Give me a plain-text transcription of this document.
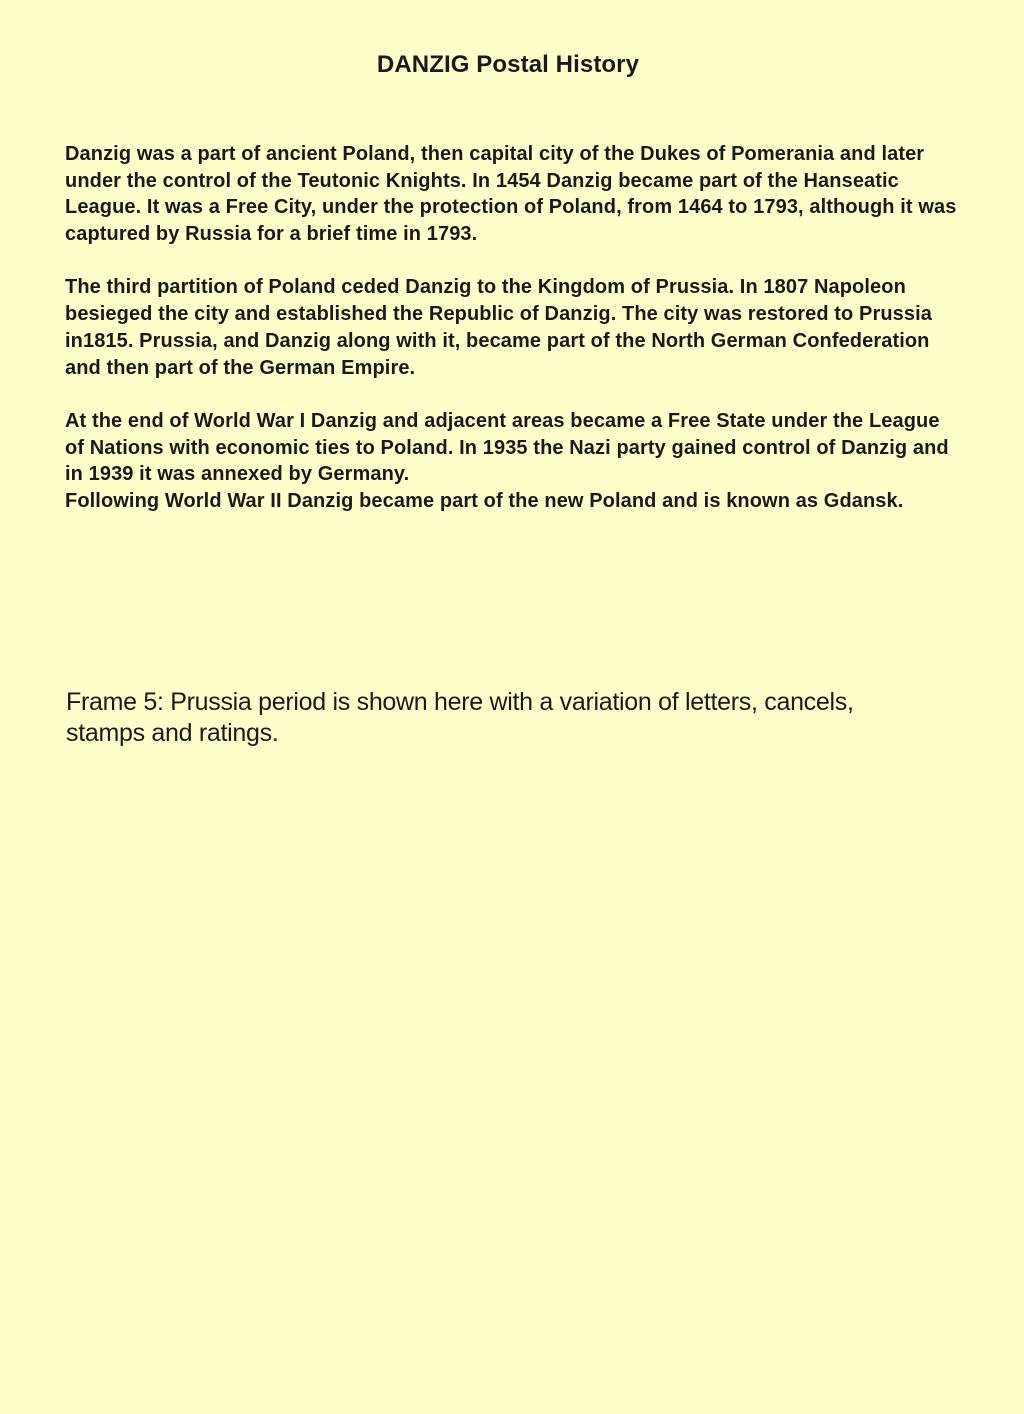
DANZIG Postal History

Danzig was a part of ancient Poland, then capital city of the Dukes of Pomerania and later under the control of the Teutonic Knights. In 1454 Danzig became part of the Hanseatic League. It was a Free City, under the protection of Poland, from 1464 to 1793, although it was captured by Russia for a brief time in 1793.

The third partition of Poland ceded Danzig to the Kingdom of Prussia. In 1807 Napoleon besieged the city and established the Republic of Danzig. The city was restored to Prussia in1815. Prussia, and Danzig along with it, became part of the North German Confederation and then part of the German Empire.

At the end of World War I Danzig and adjacent areas became a Free State under the League of Nations with economic ties to Poland. In 1935 the Nazi party gained control of Danzig and in 1939 it was annexed by Germany.

Following World War II Danzig became part of the new Poland and is known as Gdansk.

Frame 5: Prussia period is shown here with a variation of letters, cancels, stamps and ratings.
